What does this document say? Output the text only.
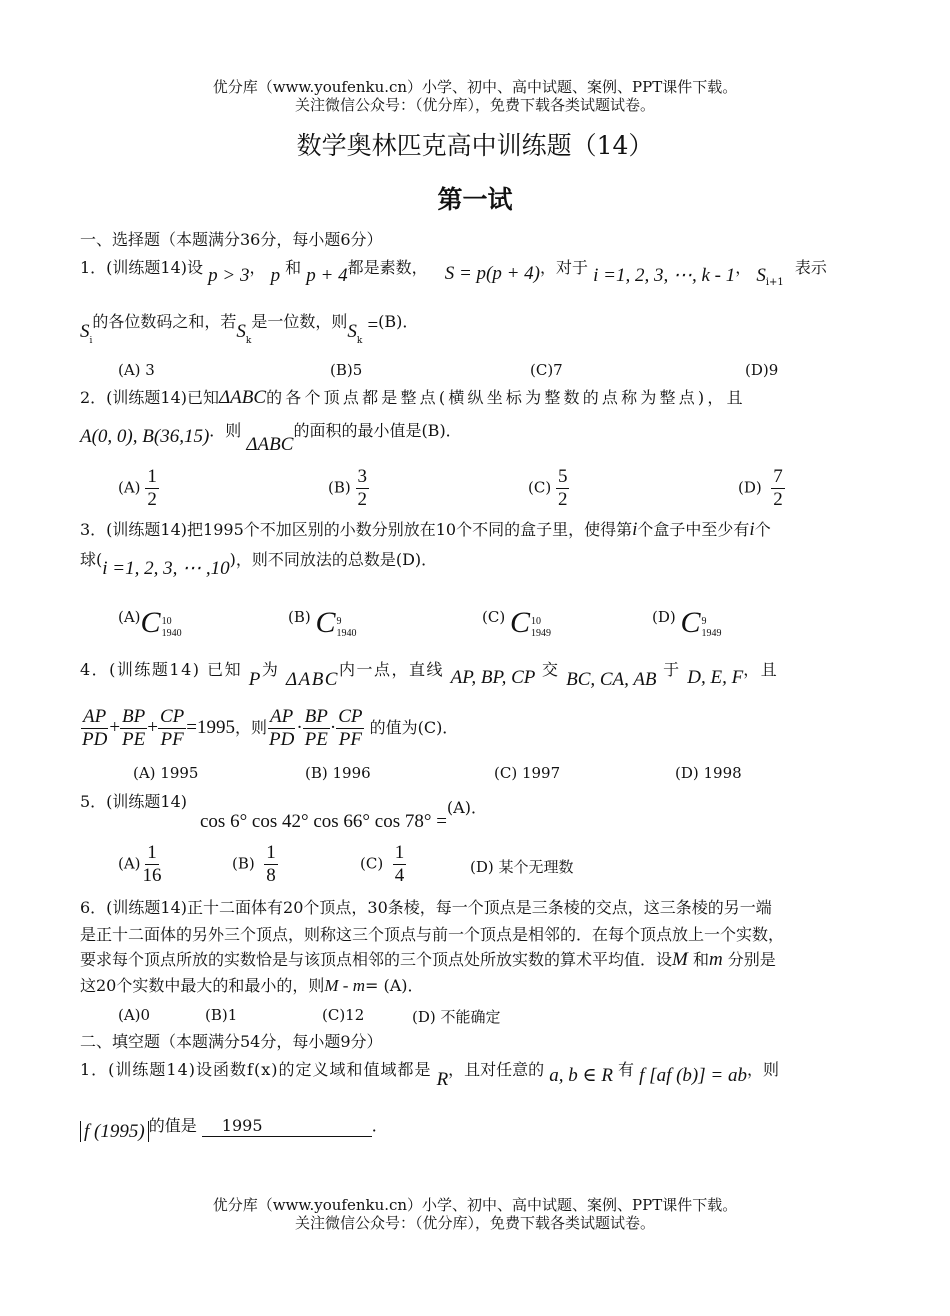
优分库（www.youfenku.cn）小学、初中、高中试题、案例、PPT课件下载。
关注微信公众号：（优分库），免费下载各类试题试卷。
数学奥林匹克高中训练题（14）
第一试
一、选择题（本题满分36分，每小题6分）
1．(训练题14)设 p > 3， p 和 p + 4都是素数， S = p(p + 4)，对于 i =1, 2, 3, ⋯, k - 1， $S_{i+1}$ 表示
$S_i$的各位数码之和，若$S_k$是一位数，则$S_k =(B)$．
(A) 3	(B)5	(C)7	(D)9
2．(训练题14)已知ΔABC的各个顶点都是整点(横纵坐标为整数的点称为整点)，且
A(0, 0), B(36,15)．则 ΔABC的面积的最小值是(B)．
$(A) \frac{1}{2}$	$(B) \frac{3}{2}$	$(C) \frac{5}{2}$	$(D) \frac{7}{2}$
3．(训练题14)把1995个不加区别的小数分别放在10个不同的盒子里，使得第i个盒子中至少有i个
球(i =1, 2, 3, ⋯ ,10)，则不同放法的总数是(D)．
(A)C 10
1940
(B) C 9
1940
(C) C 10
1949
(D) C 9
1949
4．(训练题14) 已知 P为 ΔABC内一点，直线 AP, BP, CP 交 BC, CA, AB 于 D, E, F，且
$\frac{AP}{PD} + \frac{BP}{PE} + \frac{CP}{PF} =1995$，则 $\frac{AP}{PD} \cdot \frac{BP}{PE} \cdot \frac{CP}{PF}$ 的值为(C)．
(A) 1995	(B) 1996	(C) 1997	(D) 1998
5．(训练题14)
cos 6° cos 42° cos 66° cos 78° =(A)．
$(A) \frac{1}{16}$	$(B) \frac{1}{8}$	$(C) \frac{1}{4}$	(D) 某个无理数
6．(训练题14)正十二面体有20个顶点，30条棱，每一个顶点是三条棱的交点，这三条棱的另一端
是正十二面体的另外三个顶点，则称这三个顶点与前一个顶点是相邻的．在每个顶点放上一个实数，
要求每个顶点所放的实数恰是与该顶点相邻的三个顶点处所放实数的算术平均值．设M 和m 分别是
这20个实数中最大的和最小的，则M - m= (A)．
(A)0	(B)1	(C)12	(D) 不能确定
二、填空题（本题满分54分，每小题9分）
1．(训练题14)设函数f(x)的定义域和值域都是 R，且对任意的 a, b ∈ R 有 f [af (b)] = ab，则
f (1995) 的值是 1995	．
优分库（www.youfenku.cn）小学、初中、高中试题、案例、PPT课件下载。
关注微信公众号：（优分库），免费下载各类试题试卷。
